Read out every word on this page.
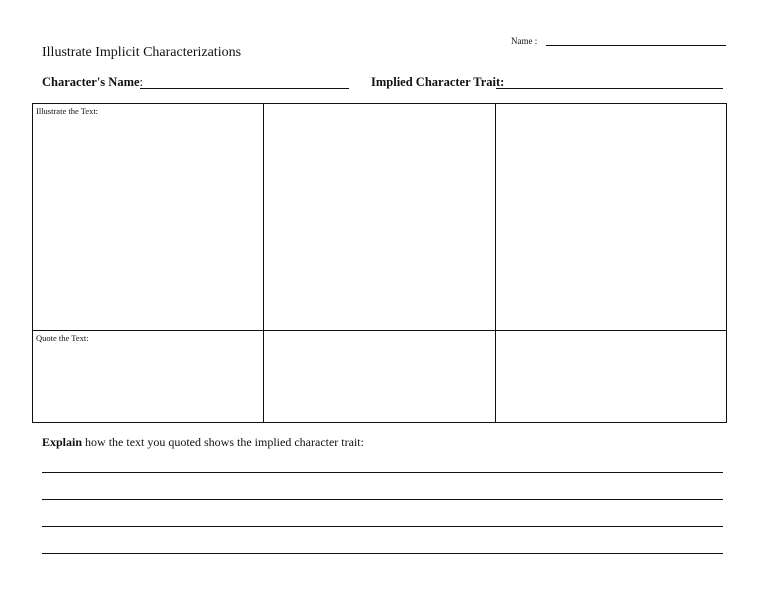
Name :
Illustrate Implicit Characterizations
Character's Name:	Implied Character Trait:
Illustrate the Text:		
Quote the Text:		
Explain how the text you quoted shows the implied character trait:
